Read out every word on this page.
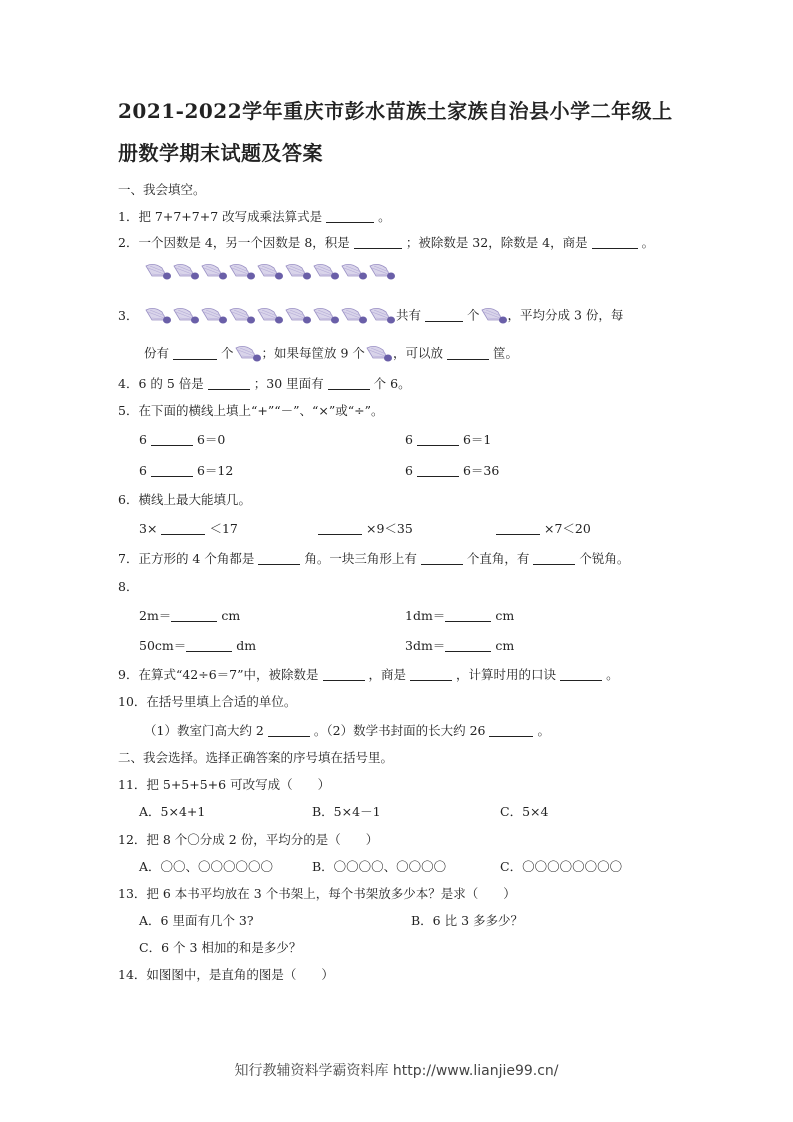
2021-2022学年重庆市彭水苗族土家族自治县小学二年级上
册数学期末试题及答案
一、我会填空。
1．把 7+7+7+7 改写成乘法算式是	。
2．一个因数是 4，另一个因数是 8，积是	；被除数是 32，除数是 4，商是	。
3．	共有	个 ，平均分成 3 份，每
份有	个 ；如果每筐放 9 个 ，可以放	筐。
4．6 的 5 倍是	；30 里面有	个 6。
5．在下面的横线上填上“+”“－”、“×”或“÷”。
6	6＝0	6	6＝1
6	6＝12	6	6＝36
6．横线上最大能填几。
3×	＜17	×9＜35	×7＜20
7．正方形的 4 个角都是	角。一块三角形上有	个直角，有	个锐角。
8．
2m＝	cm	1dm＝	cm
50cm＝	dm	3dm＝	cm
9．在算式“42÷6＝7”中，被除数是	，商是	，计算时用的口诀	。
10．在括号里填上合适的单位。
（1）教室门高大约 2	。（2）数学书封面的长大约 26	。
二、我会选择。选择正确答案的序号填在括号里。
11．把 5+5+5+6 可改写成（　　）
A．5×4+1	B．5×4－1	C．5×4
12．把 8 个〇分成 2 份，平均分的是（　　）
A．〇〇、〇〇〇〇〇〇	B．〇〇〇〇、〇〇〇〇	C．〇〇〇〇〇〇〇〇
13．把 6 本书平均放在 3 个书架上，每个书架放多少本？是求（　　）
A．6 里面有几个 3?	B．6 比 3 多多少？
C．6 个 3 相加的和是多少？
14．如图图中，是直角的图是（　　）
知行教辅资料学霸资料库 http://www.lianjie99.cn/
